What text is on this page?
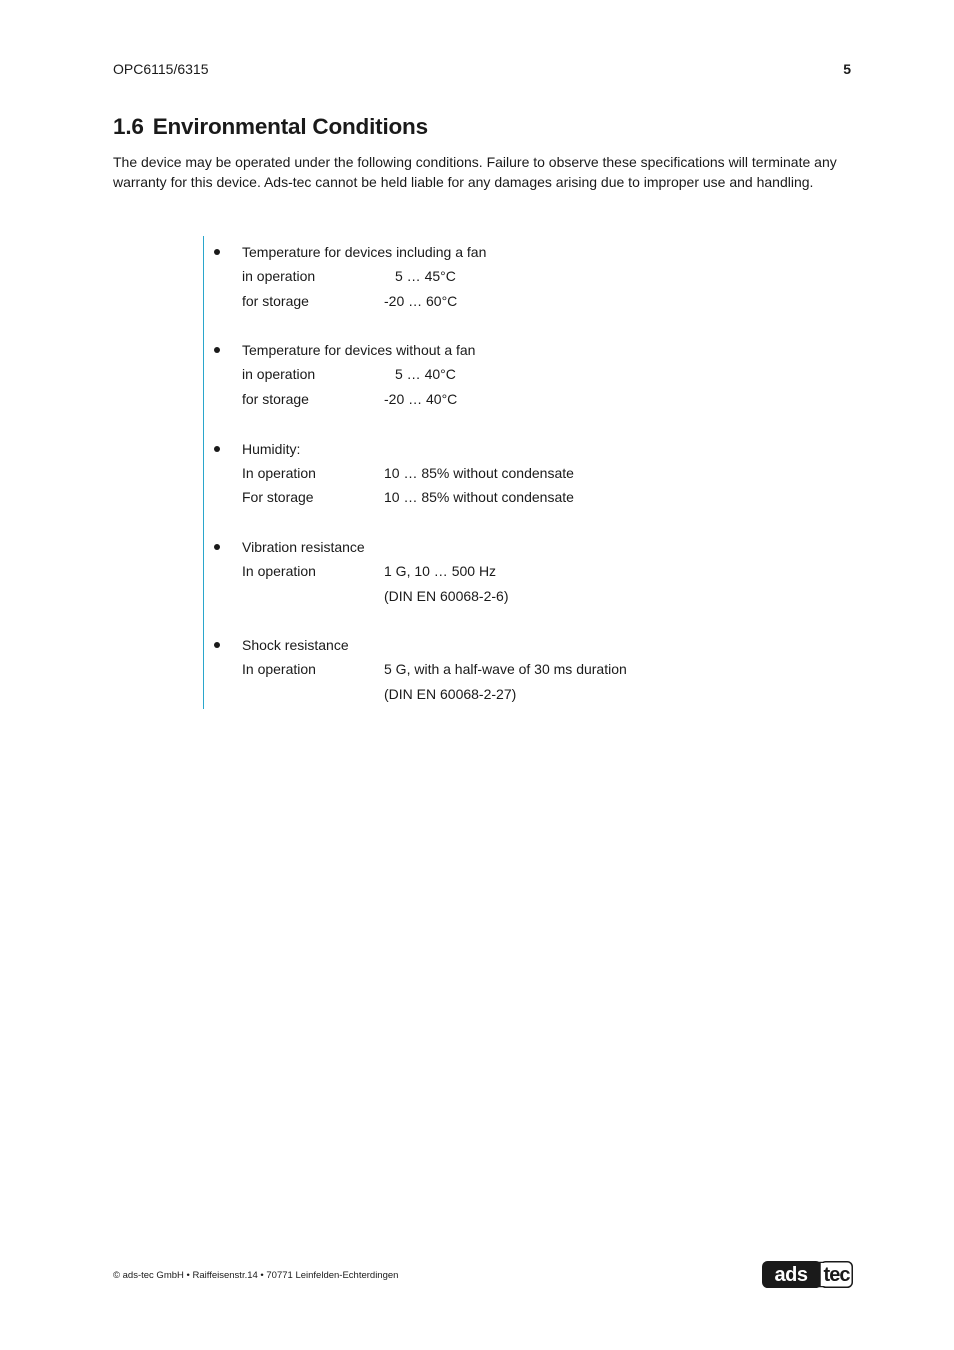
OPC6115/6315	5
1.6 Environmental Conditions

The device may be operated under the following conditions. Failure to observe these specifications will terminate any warranty for this device. Ads-tec cannot be held liable for any damages arising due to improper use and handling.

Temperature for devices including a fan
in operation	5 … 45°C
for storage	-20 … 60°C
Temperature for devices without a fan
in operation	5 … 40°C
for storage	-20 … 40°C
Humidity:
In operation	10 … 85% without condensate
For storage	10 … 85% without condensate
Vibration resistance
In operation	1 G, 10 … 500 Hz
(DIN EN 60068-2-6)
Shock resistance
In operation	5 G, with a half-wave of 30 ms duration
(DIN EN 60068-2-27)
© ads-tec GmbH • Raiffeisenstr.14 • 70771 Leinfelden-Echterdingen	ads tec
